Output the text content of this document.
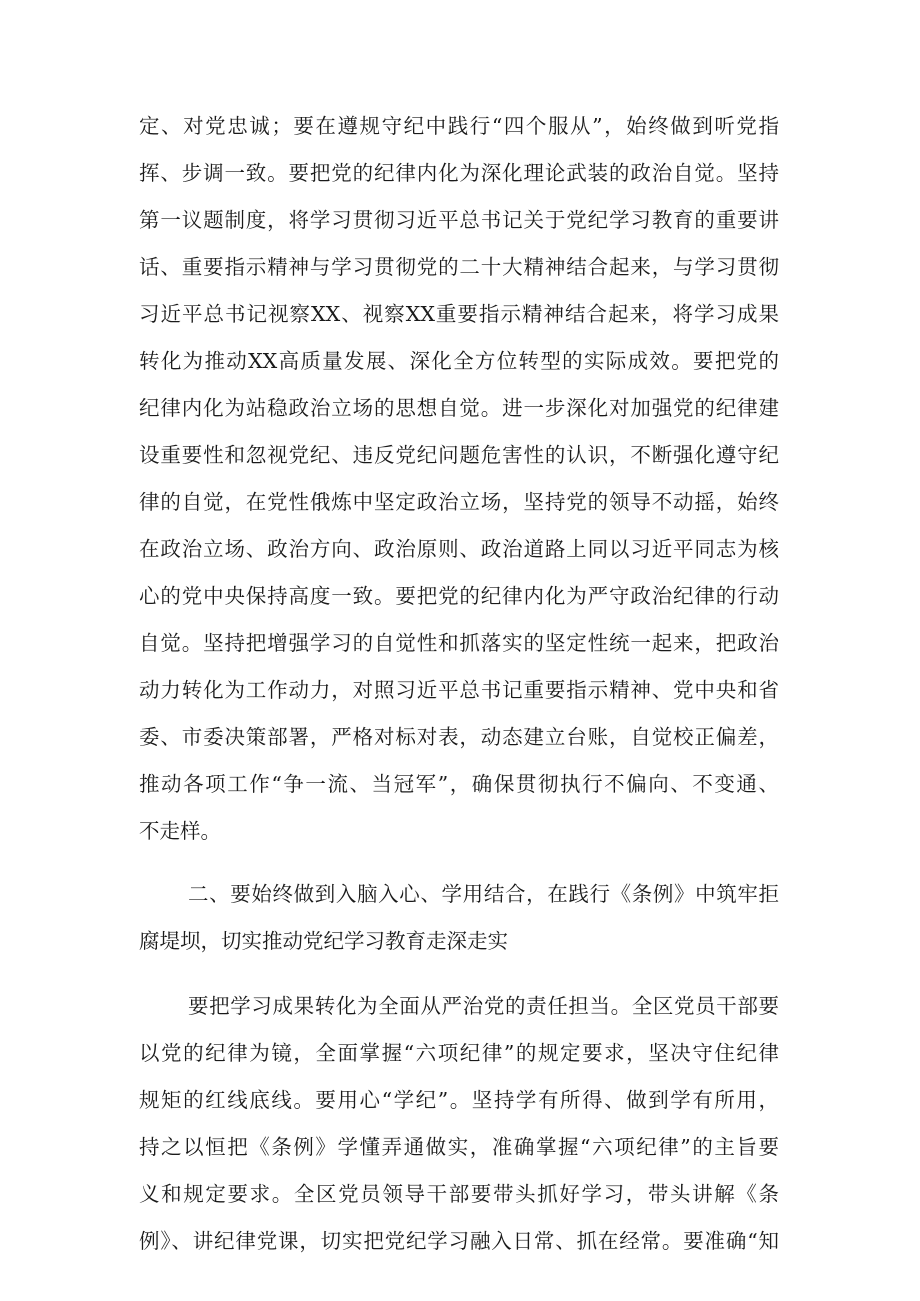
定、对党忠诚；要在遵规守纪中践行“四个服从”，始终做到听党指

挥、步调一致。要把党的纪律内化为深化理论武装的政治自觉。坚持

第一议题制度，将学习贯彻习近平总书记关于党纪学习教育的重要讲

话、重要指示精神与学习贯彻党的二十大精神结合起来，与学习贯彻

习近平总书记视察XX、视察XX重要指示精神结合起来，将学习成果

转化为推动XX高质量发展、深化全方位转型的实际成效。要把党的

纪律内化为站稳政治立场的思想自觉。进一步深化对加强党的纪律建

设重要性和忽视党纪、违反党纪问题危害性的认识，不断强化遵守纪

律的自觉，在党性俄炼中坚定政治立场，坚持党的领导不动摇，始终

在政治立场、政治方向、政治原则、政治道路上同以习近平同志为核

心的党中央保持高度一致。要把党的纪律内化为严守政治纪律的行动

自觉。坚持把增强学习的自觉性和抓落实的坚定性统一起来，把政治

动力转化为工作动力，对照习近平总书记重要指示精神、党中央和省

委、市委决策部署，严格对标对表，动态建立台账，自觉校正偏差，

推动各项工作“争一流、当冠军”，确保贯彻执行不偏向、不变通、

不走样。

二、要始终做到入脑入心、学用结合，在践行《条例》中筑牢拒

腐堤坝，切实推动党纪学习教育走深走实

要把学习成果转化为全面从严治党的责任担当。全区党员干部要

以党的纪律为镜，全面掌握“六项纪律”的规定要求，坚决守住纪律

规矩的红线底线。要用心“学纪”。坚持学有所得、做到学有所用，

持之以恒把《条例》学懂弄通做实，准确掌握“六项纪律”的主旨要

义和规定要求。全区党员领导干部要带头抓好学习，带头讲解《条

例》、讲纪律党课，切实把党纪学习融入日常、抓在经常。要准确“知
